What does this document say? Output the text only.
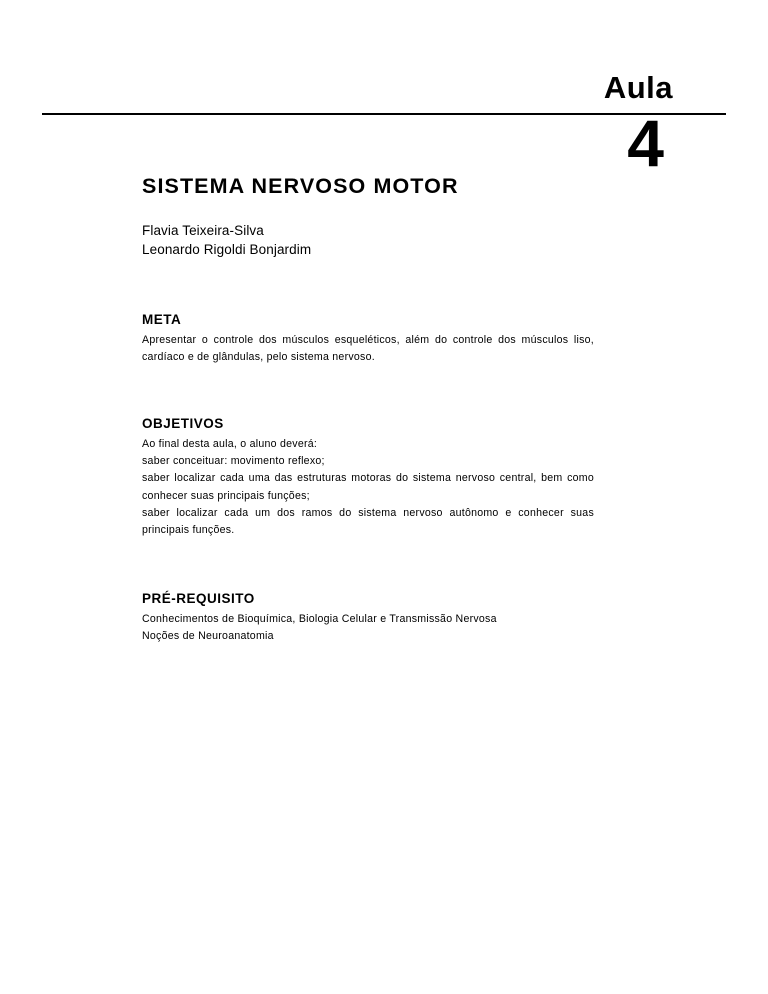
Aula
4
SISTEMA NERVOSO MOTOR
Flavia Teixeira-Silva
Leonardo Rigoldi Bonjardim
META
Apresentar o controle dos músculos esqueléticos, além do controle dos músculos liso, cardíaco e de glândulas, pelo sistema nervoso.
OBJETIVOS
Ao final desta aula, o aluno deverá:
saber conceituar: movimento reflexo;
saber localizar cada uma das estruturas motoras do sistema nervoso central, bem como conhecer suas principais funções;
saber localizar cada um dos ramos do sistema nervoso autônomo e conhecer suas principais funções.
PRÉ-REQUISITO
Conhecimentos de Bioquímica, Biologia Celular e Transmissão Nervosa
Noções de Neuroanatomia
